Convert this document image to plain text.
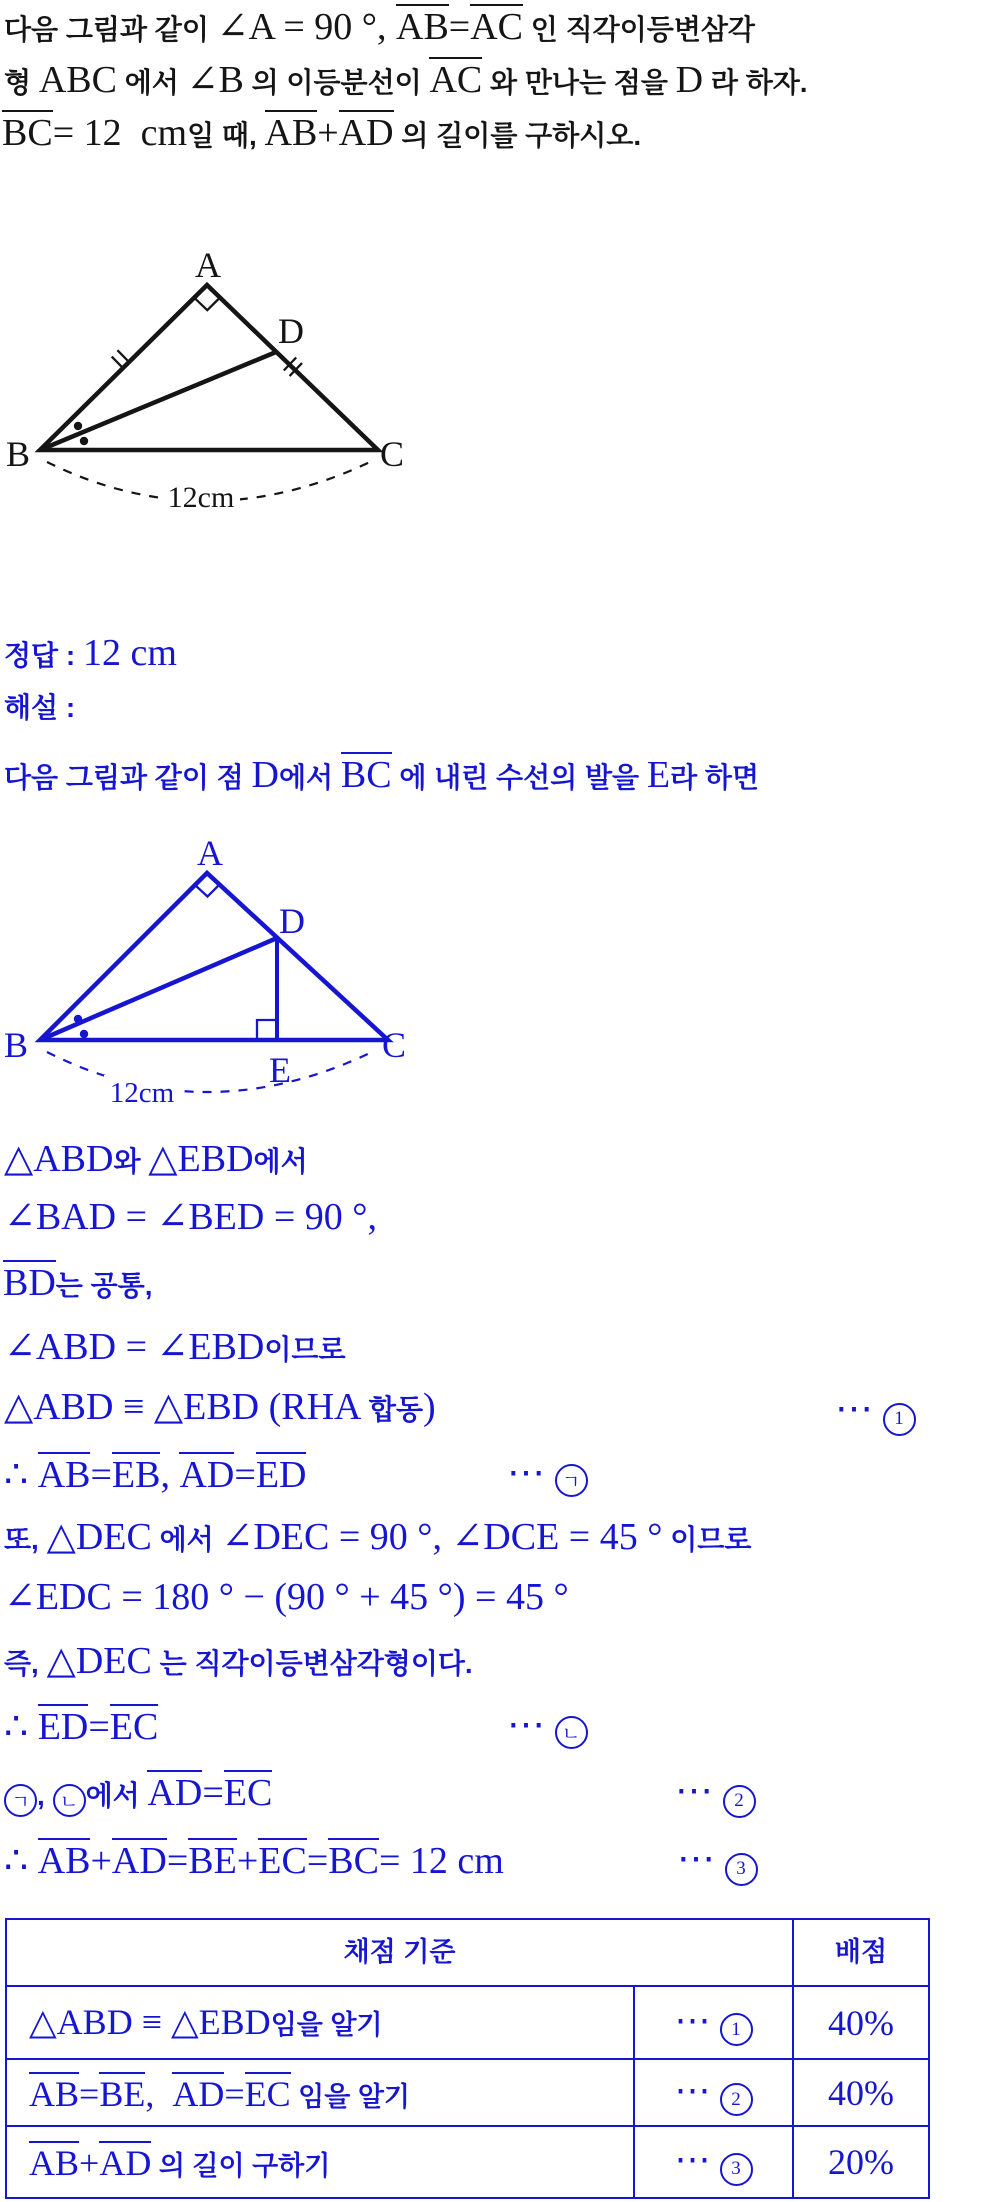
다음 그림과 같이 ∠A = 90 ° , AB = AC 인 직각이등변삼각
형 ABC 에서 ∠B 의 이등분선이 AC 와 만나는 점을 D 라 하자.
BC = 12  cm 일 때, AB + AD 의 길이를 구하시오.
12cm
A
B	C
D
정답 : 12 cm
해설 :
다음 그림과 같이 점 D 에서 BC 에 내린 수선의 발을 E 라 하면
12cm
A
B	C
D
E
△ABD 와 △EBD 에서
∠BAD = ∠BED = 90 °,
BD 는 공통,
∠ABD = ∠EBD 이므로
△ABD ≡ △EBD (RHA 합동)	⋯ 1
∴ AB=EB, AD=ED	⋯ ㄱ
또, △DEC 에서 ∠DEC = 90 °, ∠DCE = 45 ° 이므로
∠EDC = 180 ° − (90 ° + 45 °) = 45 °
즉, △DEC 는 직각이등변삼각형이다.
∴ ED=EC	⋯ ㄴ
ㄱ , ㄴ 에서 AD=EC	⋯ 2
∴ AB+AD=BE+EC=BC= 12 cm	⋯ 3
채점 기준		배점
△ABD ≡ △EBD임을 알기	⋯ 1	40%
AB=BE,  AD=EC 임을 알기	⋯ 2	40%
AB+AD 의 길이 구하기	⋯ 3	20%
